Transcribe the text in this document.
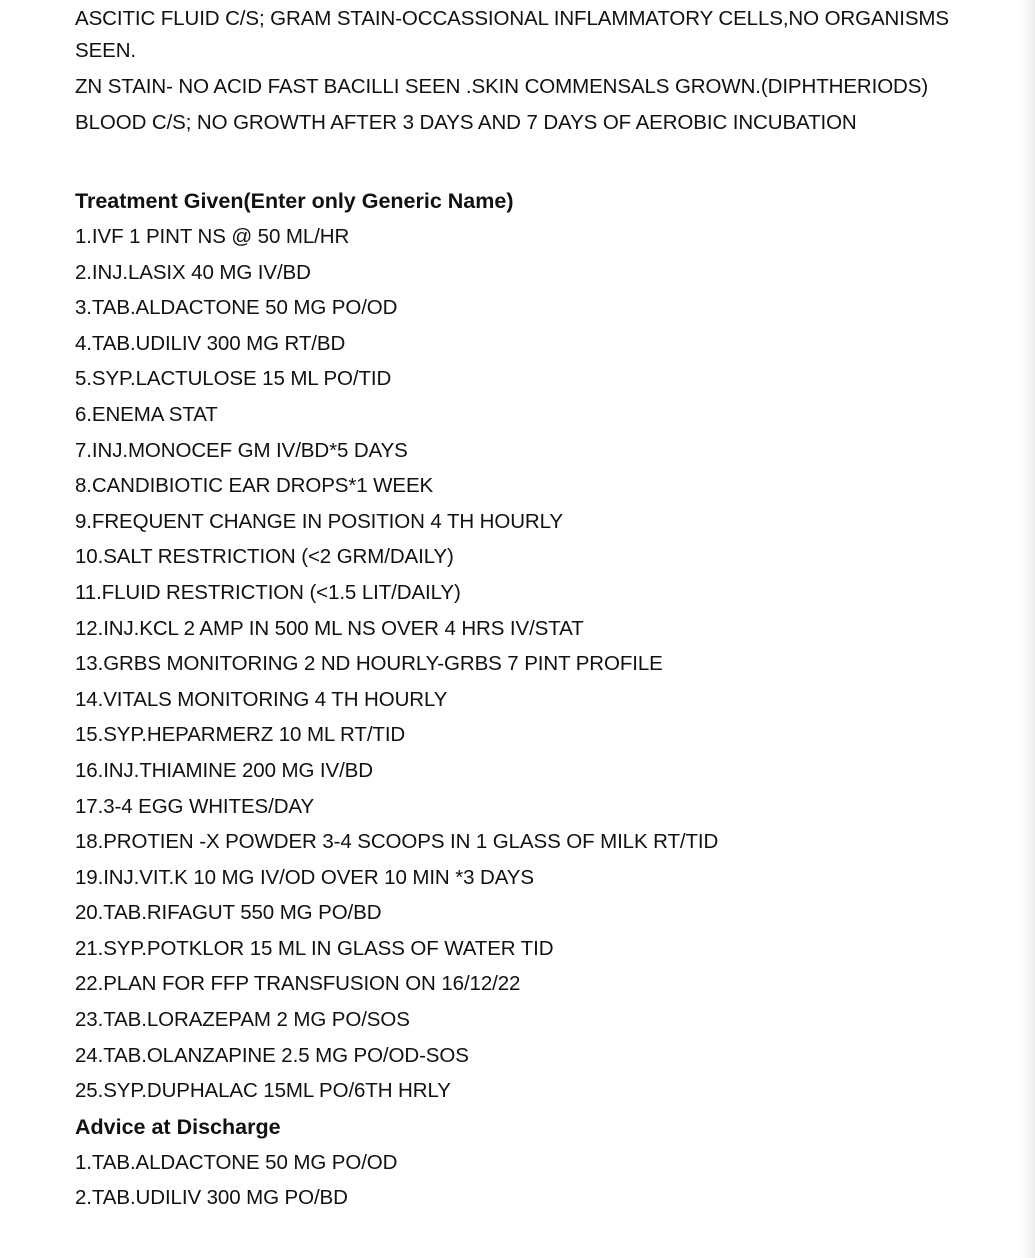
ASCITIC FLUID C/S; GRAM STAIN-OCCASSIONAL INFLAMMATORY CELLS,NO ORGANISMS
SEEN.
ZN STAIN- NO ACID FAST BACILLI SEEN .SKIN COMMENSALS GROWN.(DIPHTHERIODS)
BLOOD C/S; NO GROWTH AFTER 3 DAYS AND 7 DAYS OF AEROBIC INCUBATION
Treatment Given(Enter only Generic Name)
1.IVF 1 PINT NS @ 50 ML/HR
2.INJ.LASIX 40 MG IV/BD
3.TAB.ALDACTONE 50 MG PO/OD
4.TAB.UDILIV 300 MG RT/BD
5.SYP.LACTULOSE 15 ML PO/TID
6.ENEMA STAT
7.INJ.MONOCEF GM IV/BD*5 DAYS
8.CANDIBIOTIC EAR DROPS*1 WEEK
9.FREQUENT CHANGE IN POSITION 4 TH HOURLY
10.SALT RESTRICTION (<2 GRM/DAILY)
11.FLUID RESTRICTION (<1.5 LIT/DAILY)
12.INJ.KCL 2 AMP IN 500 ML NS OVER 4 HRS IV/STAT
13.GRBS MONITORING 2 ND HOURLY-GRBS 7 PINT PROFILE
14.VITALS MONITORING 4 TH HOURLY
15.SYP.HEPARMERZ 10 ML RT/TID
16.INJ.THIAMINE 200 MG IV/BD
17.3-4 EGG WHITES/DAY
18.PROTIEN -X POWDER 3-4 SCOOPS IN 1 GLASS OF MILK RT/TID
19.INJ.VIT.K 10 MG IV/OD OVER 10 MIN *3 DAYS
20.TAB.RIFAGUT 550 MG PO/BD
21.SYP.POTKLOR 15 ML IN GLASS OF WATER TID
22.PLAN FOR FFP TRANSFUSION ON 16/12/22
23.TAB.LORAZEPAM 2 MG PO/SOS
24.TAB.OLANZAPINE 2.5 MG PO/OD-SOS
25.SYP.DUPHALAC 15ML PO/6TH HRLY
Advice at Discharge
1.TAB.ALDACTONE 50 MG PO/OD
2.TAB.UDILIV 300 MG PO/BD
